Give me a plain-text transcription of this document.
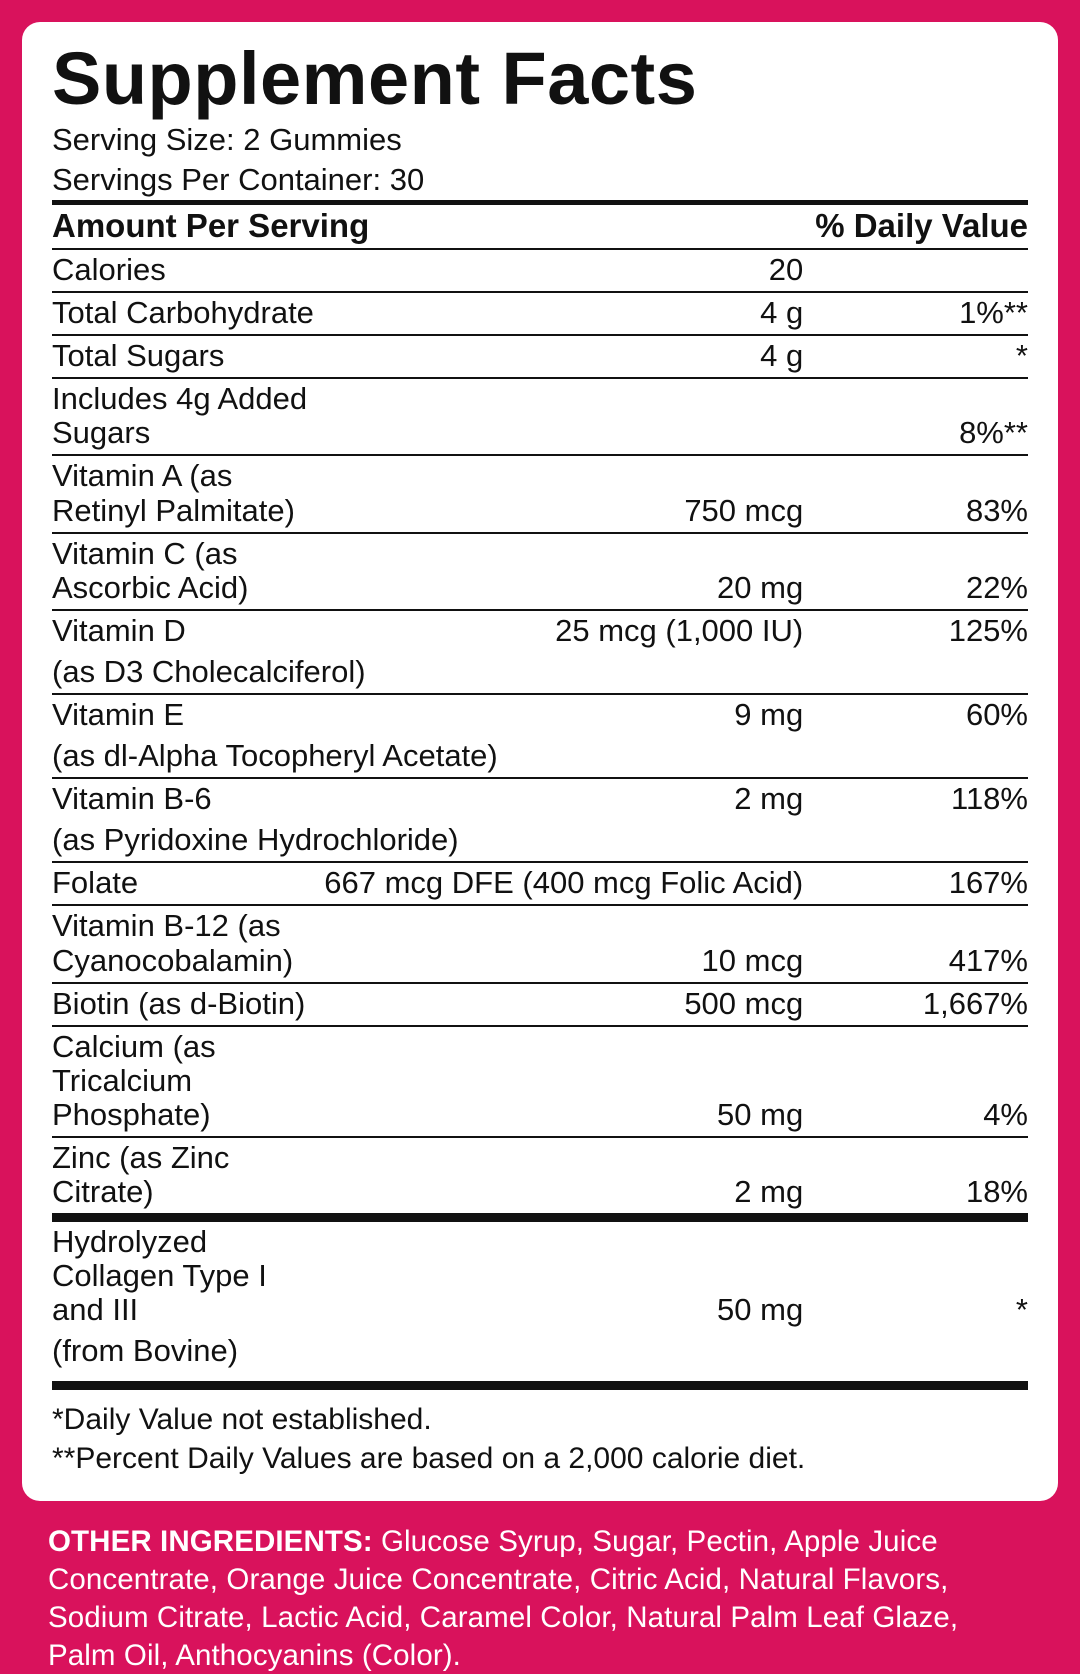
Supplement Facts
Serving Size: 2 Gummies
Servings Per Container: 30
Amount Per Serving		% Daily Value
Calories	20	
Total Carbohydrate	4 g	1%**
Total Sugars	4 g	*
Includes 4g Added Sugars		8%**
Vitamin A (as Retinyl Palmitate)	750 mcg	83%
Vitamin C (as Ascorbic Acid)	20 mg	22%
Vitamin D	25 mcg (1,000 IU)	125%
(as D3 Cholecalciferol)		
Vitamin E	9 mg	60%
(as dl-Alpha Tocopheryl Acetate)		
Vitamin B-6	2 mg	118%
(as Pyridoxine Hydrochloride)		
Folate	667 mcg DFE (400 mcg Folic Acid)	167%
Vitamin B-12 (as Cyanocobalamin)	10 mcg	417%
Biotin (as d-Biotin)	500 mcg	1,667%
Calcium (as Tricalcium Phosphate)	50 mg	4%
Zinc (as Zinc Citrate)	2 mg	18%
Hydrolyzed Collagen Type I and III	50 mg	*
(from Bovine)		
*Daily Value not established.
**Percent Daily Values are based on a 2,000 calorie diet.
OTHER INGREDIENTS: Glucose Syrup, Sugar, Pectin, Apple Juice Concentrate, Orange Juice Concentrate, Citric Acid, Natural Flavors, Sodium Citrate, Lactic Acid, Caramel Color, Natural Palm Leaf Glaze, Palm Oil, Anthocyanins (Color).
